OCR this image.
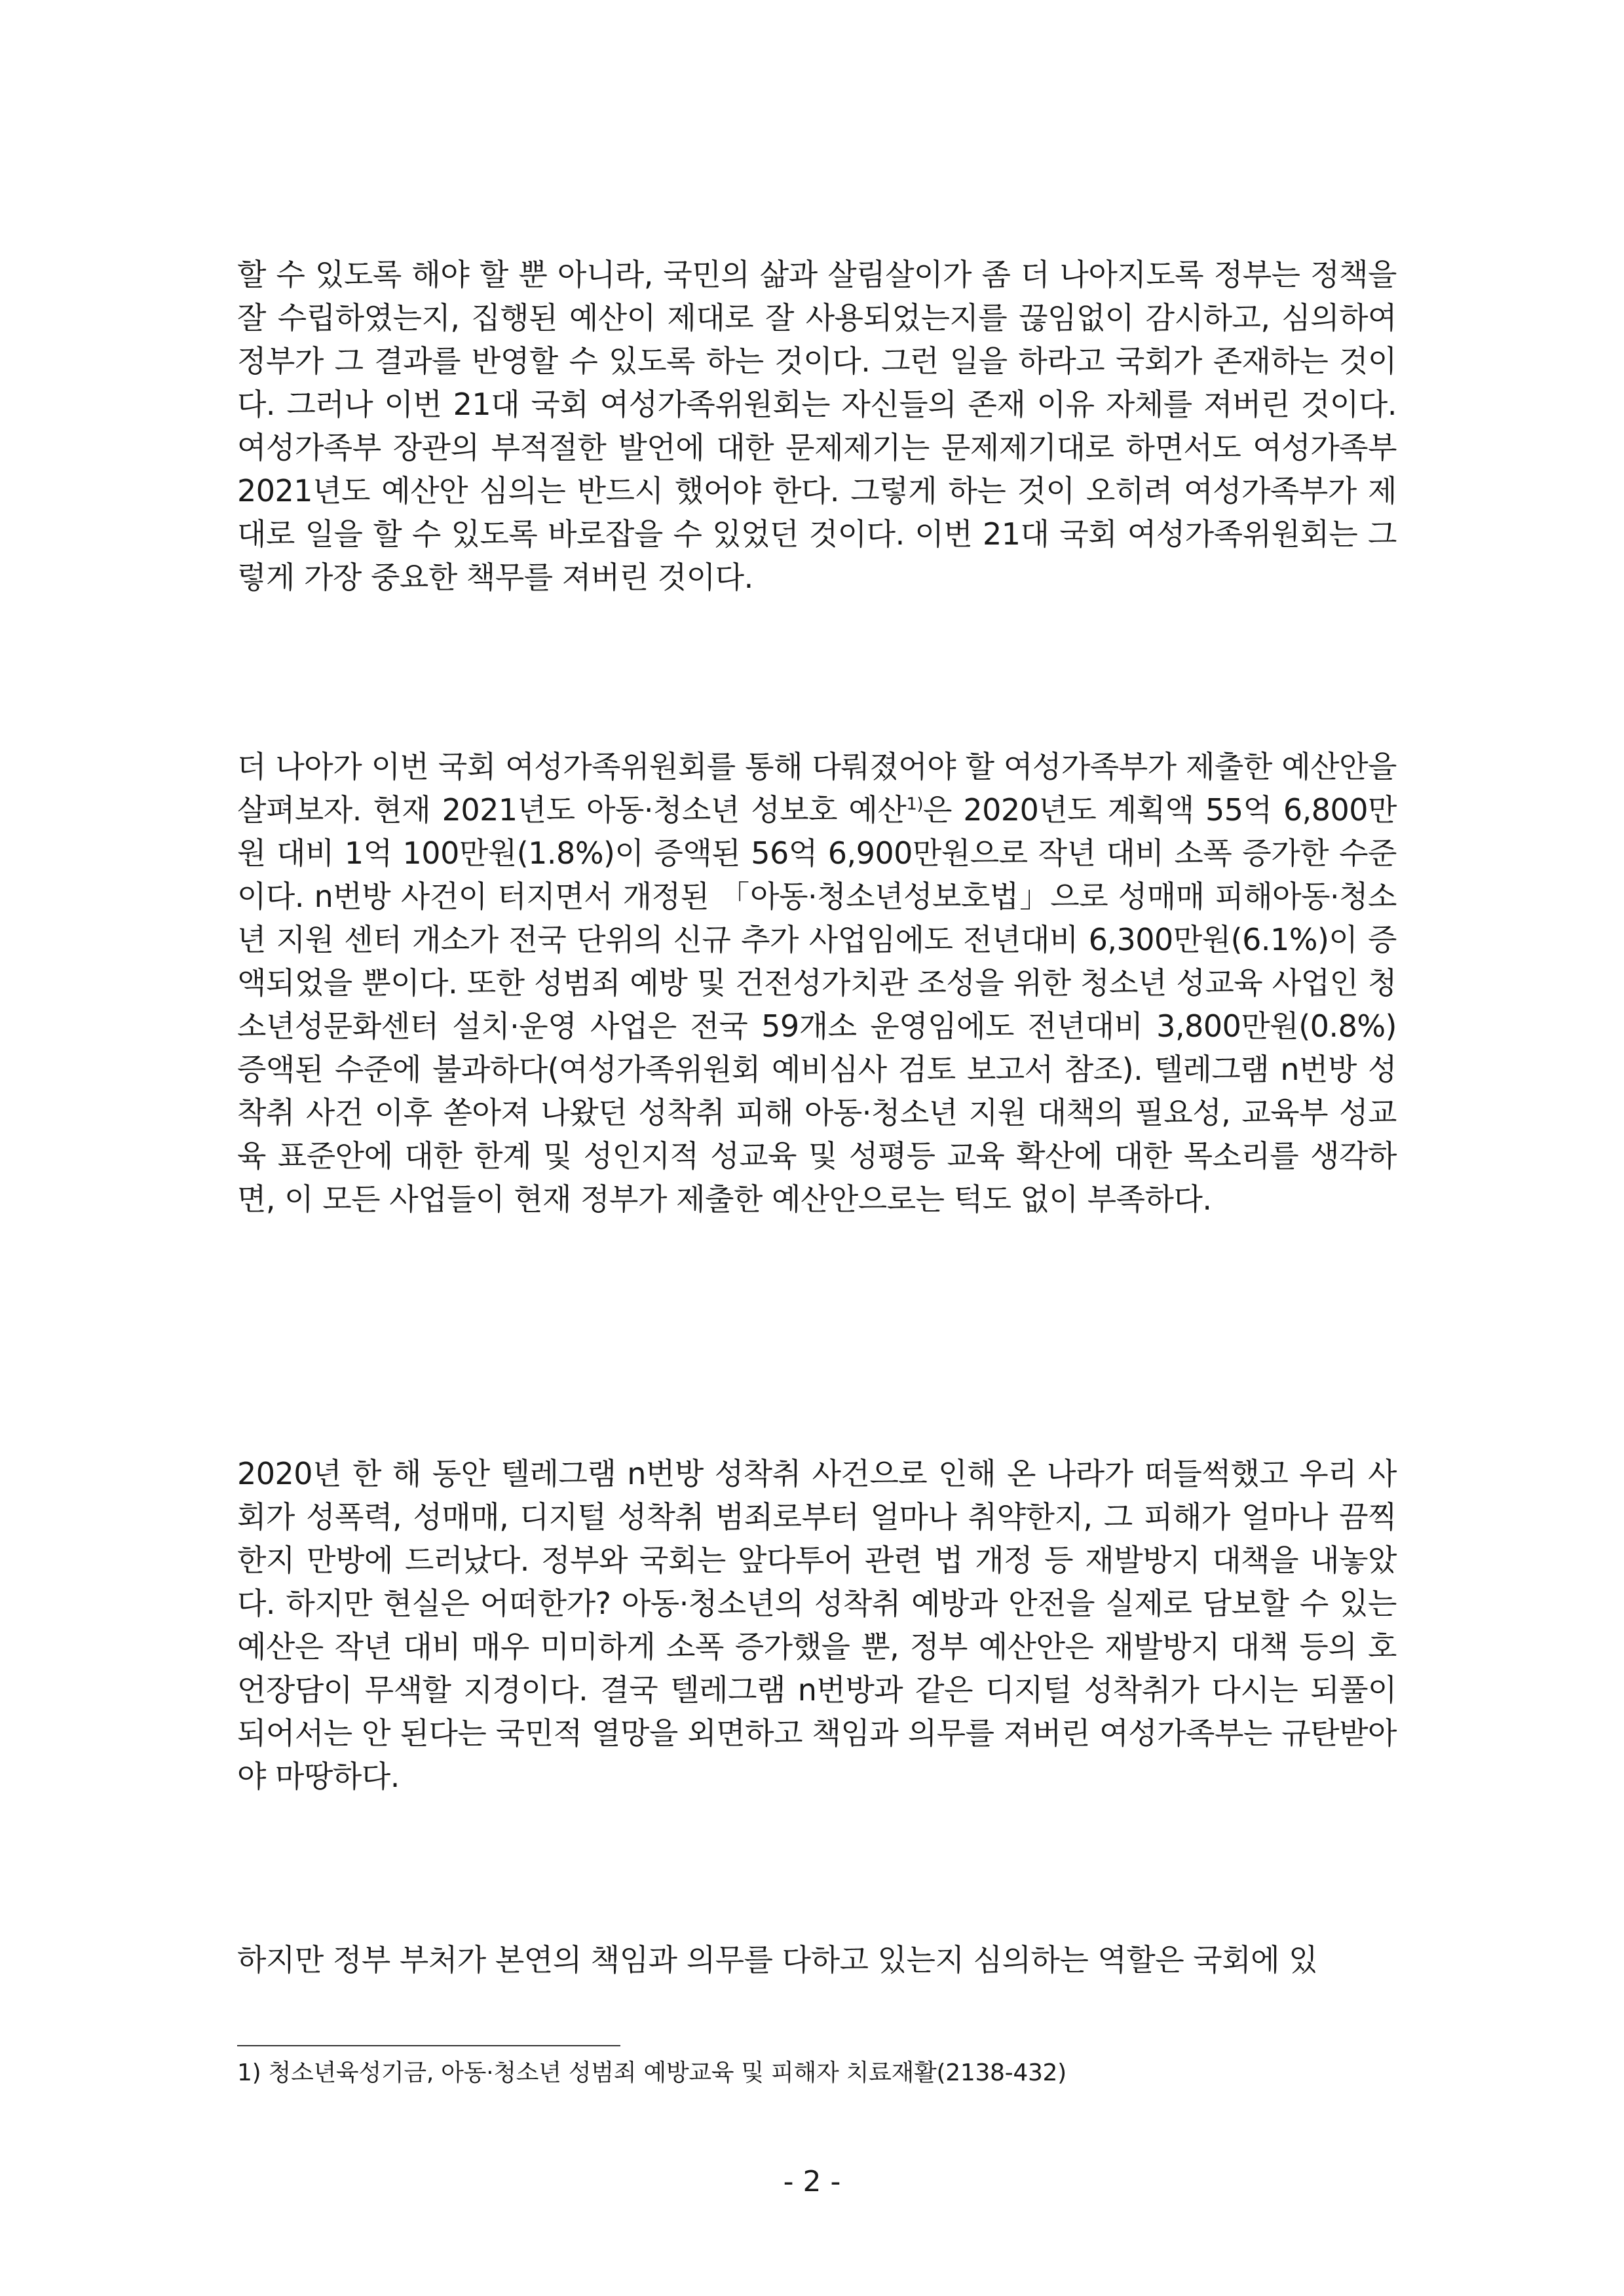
할 수 있도록 해야 할 뿐 아니라, 국민의 삶과 살림살이가 좀 더 나아지도록 정부는 정책을 잘 수립하였는지, 집행된 예산이 제대로 잘 사용되었는지를 끊임없이 감시하고, 심의하여 정부가 그 결과를 반영할 수 있도록 하는 것이다. 그런 일을 하라고 국회가 존재하는 것이다. 그러나 이번 21대 국회 여성가족위원회는 자신들의 존재 이유 자체를 져버린 것이다. 여성가족부 장관의 부적절한 발언에 대한 문제제기는 문제제기대로 하면서도 여성가족부 2021년도 예산안 심의는 반드시 했어야 한다. 그렇게 하는 것이 오히려 여성가족부가 제대로 일을 할 수 있도록 바로잡을 수 있었던 것이다. 이번 21대 국회 여성가족위원회는 그렇게 가장 중요한 책무를 져버린 것이다.

더 나아가 이번 국회 여성가족위원회를 통해 다뤄졌어야 할 여성가족부가 제출한 예산안을 살펴보자. 현재 2021년도 아동·청소년 성보호 예산$^{1)}$은 2020년도 계획액 55억 6,800만원 대비 1억 100만원(1.8%)이 증액된 56억 6,900만원으로 작년 대비 소폭 증가한 수준이다. n번방 사건이 터지면서 개정된 「아동·청소년성보호법」으로 성매매 피해아동·청소년 지원 센터 개소가 전국 단위의 신규 추가 사업임에도 전년대비 6,300만원(6.1%)이 증액되었을 뿐이다. 또한 성범죄 예방 및 건전성가치관 조성을 위한 청소년 성교육 사업인 청소년성문화센터 설치·운영 사업은 전국 59개소 운영임에도 전년대비 3,800만원(0.8%) 증액된 수준에 불과하다(여성가족위원회 예비심사 검토 보고서 참조). 텔레그램 n번방 성착취 사건 이후 쏟아져 나왔던 성착취 피해 아동·청소년 지원 대책의 필요성, 교육부 성교육 표준안에 대한 한계 및 성인지적 성교육 및 성평등 교육 확산에 대한 목소리를 생각하면, 이 모든 사업들이 현재 정부가 제출한 예산안으로는 턱도 없이 부족하다.

2020년 한 해 동안 텔레그램 n번방 성착취 사건으로 인해 온 나라가 떠들썩했고 우리 사회가 성폭력, 성매매, 디지털 성착취 범죄로부터 얼마나 취약한지, 그 피해가 얼마나 끔찍한지 만방에 드러났다. 정부와 국회는 앞다투어 관련 법 개정 등 재발방지 대책을 내놓았다. 하지만 현실은 어떠한가? 아동·청소년의 성착취 예방과 안전을 실제로 담보할 수 있는 예산은 작년 대비 매우 미미하게 소폭 증가했을 뿐, 정부 예산안은 재발방지 대책 등의 호언장담이 무색할 지경이다. 결국 텔레그램 n번방과 같은 디지털 성착취가 다시는 되풀이 되어서는 안 된다는 국민적 열망을 외면하고 책임과 의무를 져버린 여성가족부는 규탄받아야 마땅하다.

하지만 정부 부처가 본연의 책임과 의무를 다하고 있는지 심의하는 역할은 국회에 있

1) 청소년육성기금, 아동·청소년 성범죄 예방교육 및 피해자 치료재활(2138-432)

- 2 -
